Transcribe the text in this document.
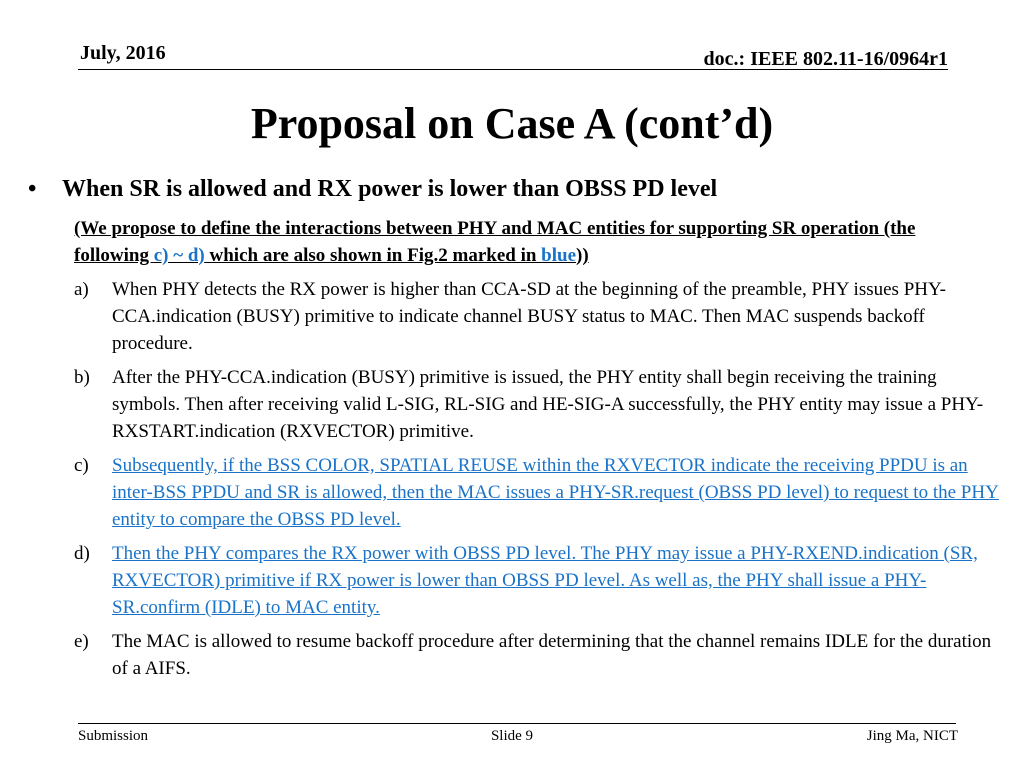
July, 2016	doc.: IEEE 802.11-16/0964r1
Proposal on Case A (cont’d)
• When SR is allowed and RX power is lower than OBSS PD level
(We propose to define the interactions between PHY and MAC entities for supporting SR operation (the following c) ~ d) which are also shown in Fig.2 marked in blue))
a)	When PHY detects the RX power is higher than CCA-SD at the beginning of the preamble, PHY issues PHY-CCA.indication (BUSY) primitive to indicate channel BUSY status to MAC. Then MAC suspends backoff procedure.
b)	After the PHY-CCA.indication (BUSY) primitive is issued, the PHY entity shall begin receiving the training symbols. Then after receiving valid L-SIG, RL-SIG and HE-SIG-A successfully, the PHY entity may issue a PHY-RXSTART.indication (RXVECTOR) primitive.
c)	Subsequently, if the BSS COLOR, SPATIAL REUSE within the RXVECTOR indicate the receiving PPDU is an inter-BSS PPDU and SR is allowed, then the MAC issues a PHY-SR.request (OBSS PD level) to request to the PHY entity to compare the OBSS PD level.
d)	Then the PHY compares the RX power with OBSS PD level. The PHY may issue a PHY-RXEND.indication (SR, RXVECTOR) primitive if RX power is lower than OBSS PD level. As well as, the PHY shall issue a PHY-SR.confirm (IDLE) to MAC entity.
e)	The MAC is allowed to resume backoff procedure after determining that the channel remains IDLE for the duration of a AIFS.
Submission	Slide 9	Jing Ma, NICT
